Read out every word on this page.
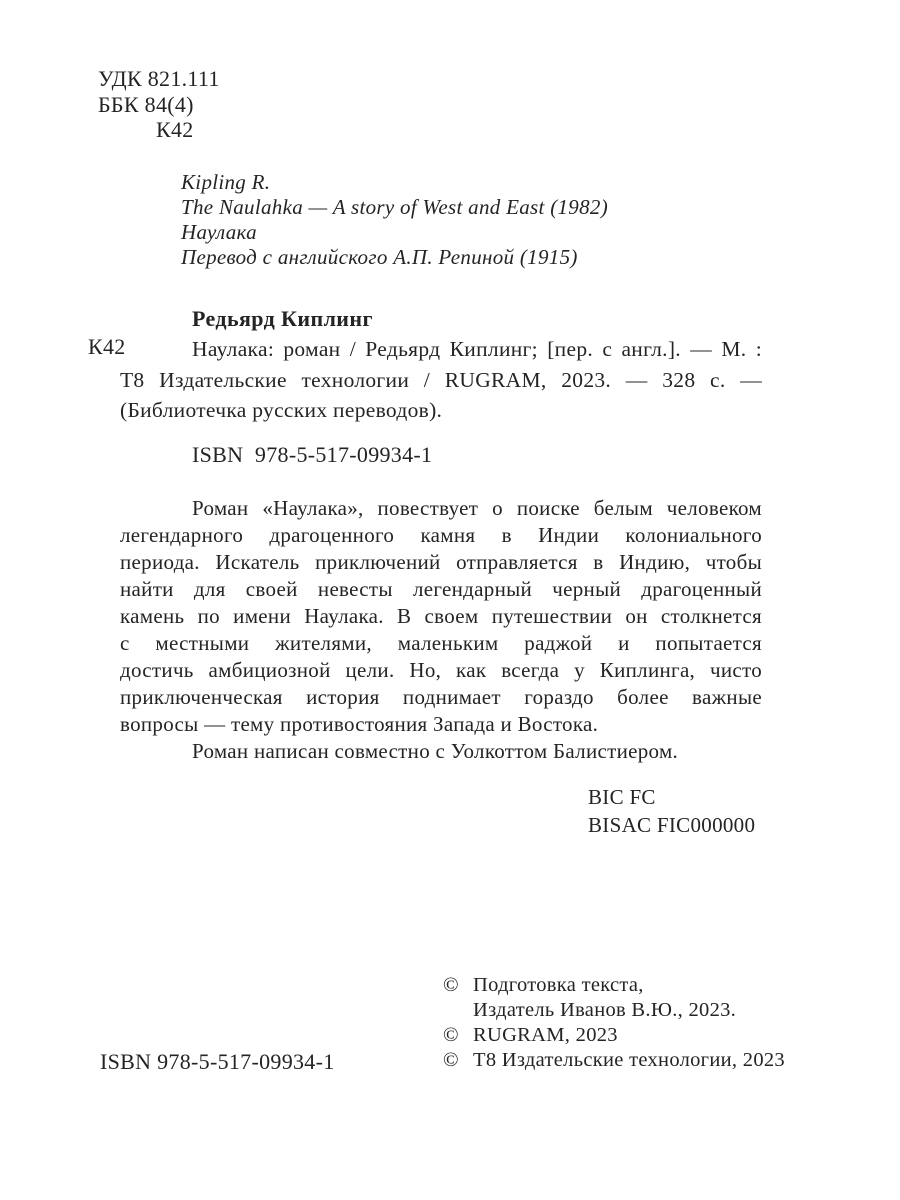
УДК 821.111
ББК 84(4)
К42
Kipling R.
The Naulahka — A story of West and East (1982)
Наулака
Перевод с английского А.П. Репиной (1915)
Редьярд Киплинг
К42	Наулака: роман / Редьярд Киплинг; [пер. с англ.]. — М. :
Т8 Издательские технологии / RUGRAM, 2023. — 328 с. —
(Библиотечка русских переводов).
ISBN  978-5-517-09934-1
Роман «Наулака», повествует о поиске белым человеком
легендарного драгоценного камня в Индии колониального
периода. Искатель приключений отправляется в Индию, чтобы
найти для своей невесты легендарный черный драгоценный
камень по имени Наулака. В своем путешествии он столкнется
с местными жителями, маленьким раджой и попытается
достичь амбициозной цели. Но, как всегда у Киплинга, чисто
приключенческая история поднимает гораздо более важные
вопросы — тему противостояния Запада и Востока.
Роман написан совместно с Уолкоттом Балистиером.
BIC FC
BISAC FIC000000
© Подготовка текста,
Издатель Иванов В.Ю., 2023.
© RUGRAM, 2023
© Т8 Издательские технологии, 2023
ISBN 978-5-517-09934-1
